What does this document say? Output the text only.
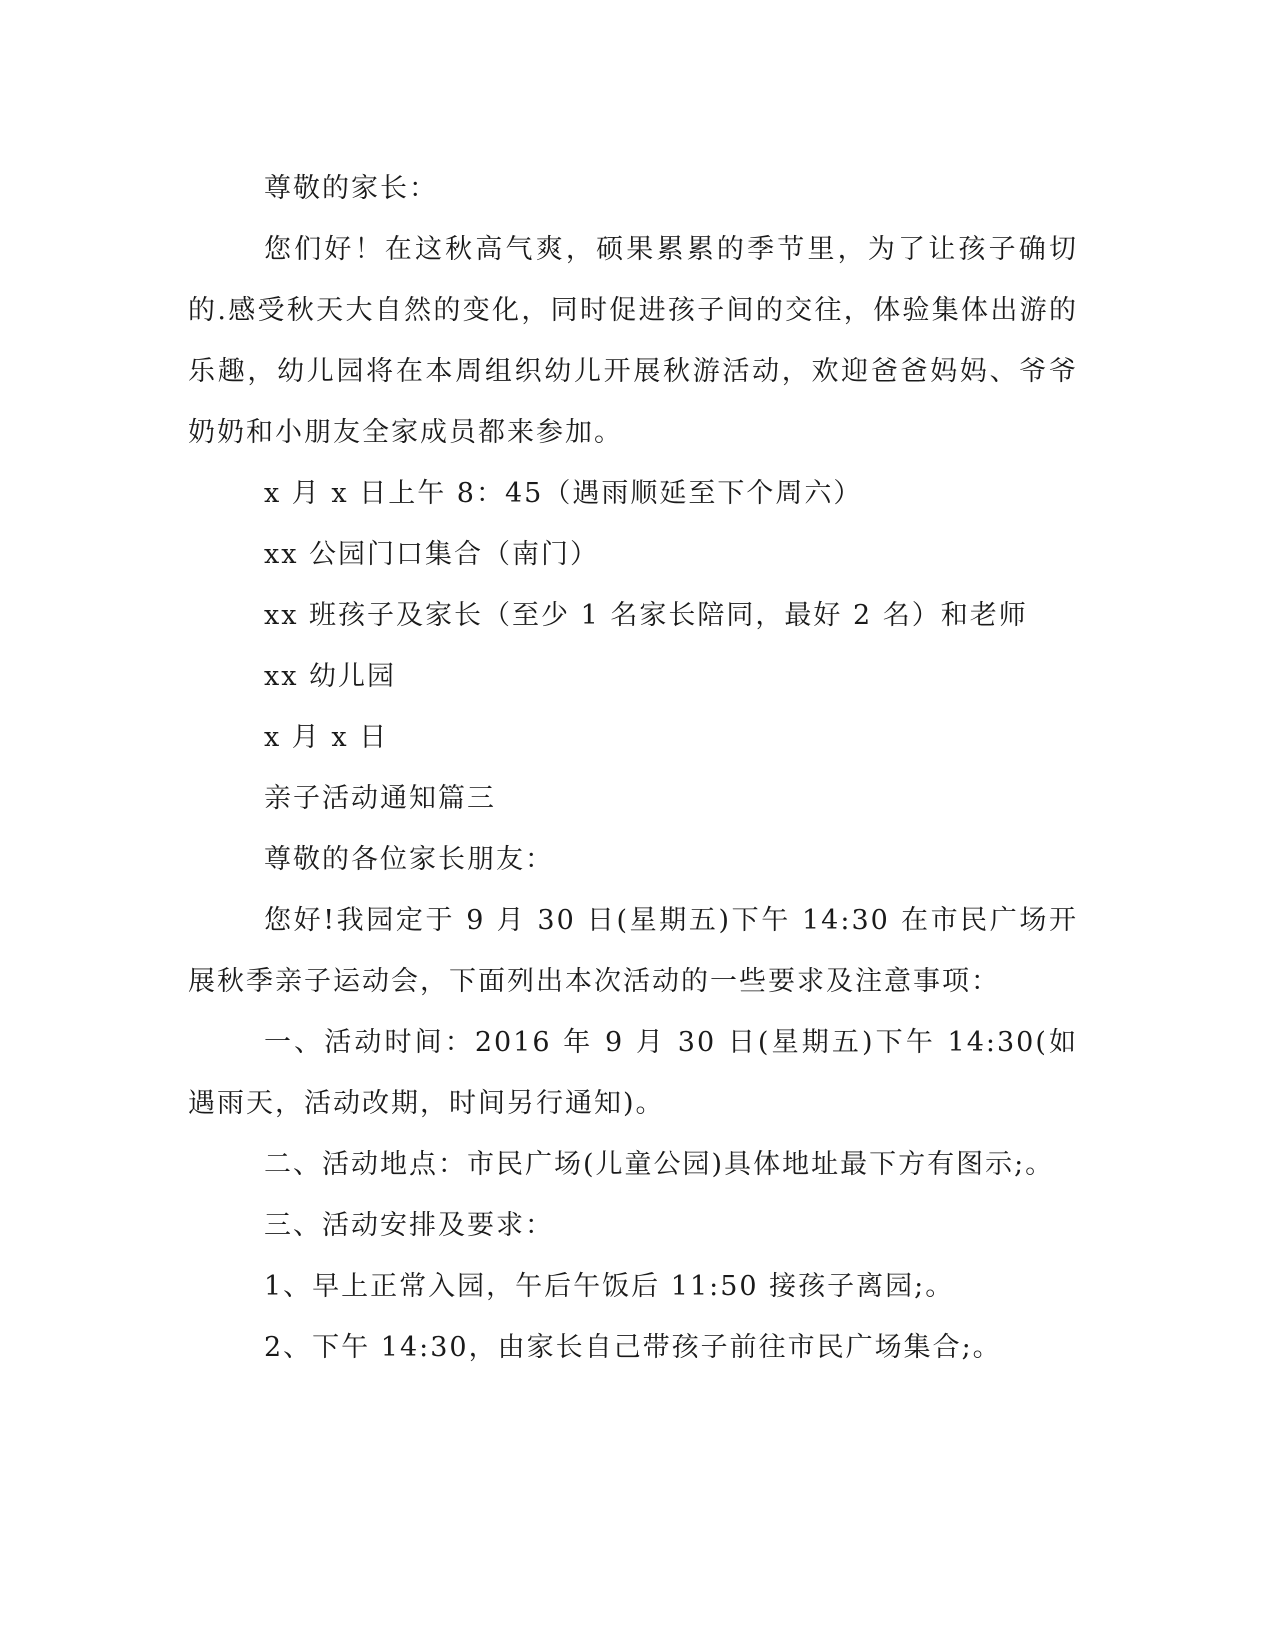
尊敬的家长：

您们好！在这秋高气爽，硕果累累的季节里，为了让孩子确切的.感受秋天大自然的变化，同时促进孩子间的交往，体验集体出游的乐趣，幼儿园将在本周组织幼儿开展秋游活动，欢迎爸爸妈妈、爷爷奶奶和小朋友全家成员都来参加。

x 月 x 日上午 8：45（遇雨顺延至下个周六）

xx 公园门口集合（南门）

xx 班孩子及家长（至少 1 名家长陪同，最好 2 名）和老师

xx 幼儿园

x 月 x 日

亲子活动通知篇三

尊敬的各位家长朋友：

您好!我园定于 9 月 30 日(星期五)下午 14:30 在市民广场开展秋季亲子运动会，下面列出本次活动的一些要求及注意事项：

一、活动时间：2016 年 9 月 30 日(星期五)下午 14:30(如遇雨天，活动改期，时间另行通知)。

二、活动地点：市民广场(儿童公园)具体地址最下方有图示;。

三、活动安排及要求：

1、早上正常入园，午后午饭后 11:50 接孩子离园;。

2、下午 14:30，由家长自己带孩子前往市民广场集合;。
